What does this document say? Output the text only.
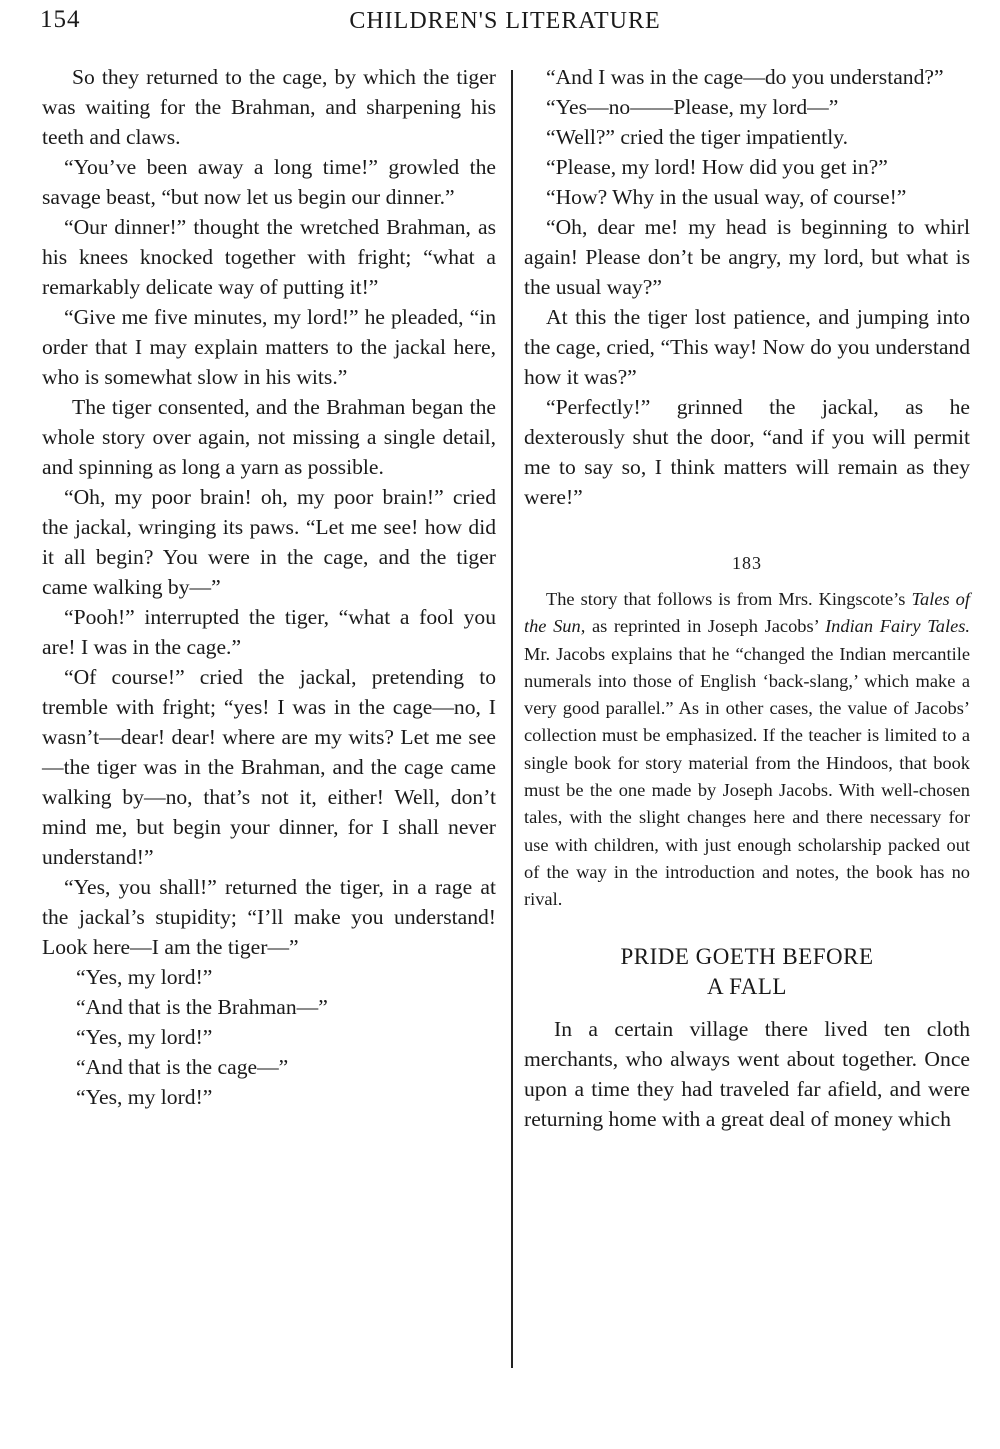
154	CHILDREN'S LITERATURE

So they returned to the cage, by which the tiger was waiting for the Brahman, and sharpening his teeth and claws.

“You’ve been away a long time!” growled the savage beast, “but now let us begin our dinner.”

“Our dinner!” thought the wretched Brahman, as his knees knocked together with fright; “what a remarkably delicate way of putting it!”

“Give me five minutes, my lord!” he pleaded, “in order that I may explain matters to the jackal here, who is somewhat slow in his wits.”

The tiger consented, and the Brahman began the whole story over again, not missing a single detail, and spinning as long a yarn as possible.

“Oh, my poor brain! oh, my poor brain!” cried the jackal, wringing its paws. “Let me see! how did it all begin? You were in the cage, and the tiger came walking by—”

“Pooh!” interrupted the tiger, “what a fool you are! I was in the cage.”

“Of course!” cried the jackal, pretending to tremble with fright; “yes! I was in the cage—no, I wasn’t—dear! dear! where are my wits? Let me see—the tiger was in the Brahman, and the cage came walking by—no, that’s not it, either! Well, don’t mind me, but begin your dinner, for I shall never understand!”

“Yes, you shall!” returned the tiger, in a rage at the jackal’s stupidity; “I’ll make you understand! Look here—I am the tiger—”

“Yes, my lord!”

“And that is the Brahman—”

“Yes, my lord!”

“And that is the cage—”

“Yes, my lord!”

“And I was in the cage—do you understand?”

“Yes—no——Please, my lord—”

“Well?” cried the tiger impatiently.

“Please, my lord! How did you get in?”

“How? Why in the usual way, of course!”

“Oh, dear me! my head is beginning to whirl again! Please don’t be angry, my lord, but what is the usual way?”

At this the tiger lost patience, and jumping into the cage, cried, “This way! Now do you understand how it was?”

“Perfectly!” grinned the jackal, as he dexterously shut the door, “and if you will permit me to say so, I think matters will remain as they were!”

183

The story that follows is from Mrs. Kingscote’s Tales of the Sun, as reprinted in Joseph Jacobs’ Indian Fairy Tales. Mr. Jacobs explains that he “changed the Indian mercantile numerals into those of English ‘back-slang,’ which make a very good parallel.” As in other cases, the value of Jacobs’ collection must be emphasized. If the teacher is limited to a single book for story material from the Hindoos, that book must be the one made by Joseph Jacobs. With well-chosen tales, with the slight changes here and there necessary for use with children, with just enough scholarship packed out of the way in the introduction and notes, the book has no rival.

PRIDE GOETH BEFORE
A FALL

In a certain village there lived ten cloth merchants, who always went about together. Once upon a time they had traveled far afield, and were returning home with a great deal of money which
